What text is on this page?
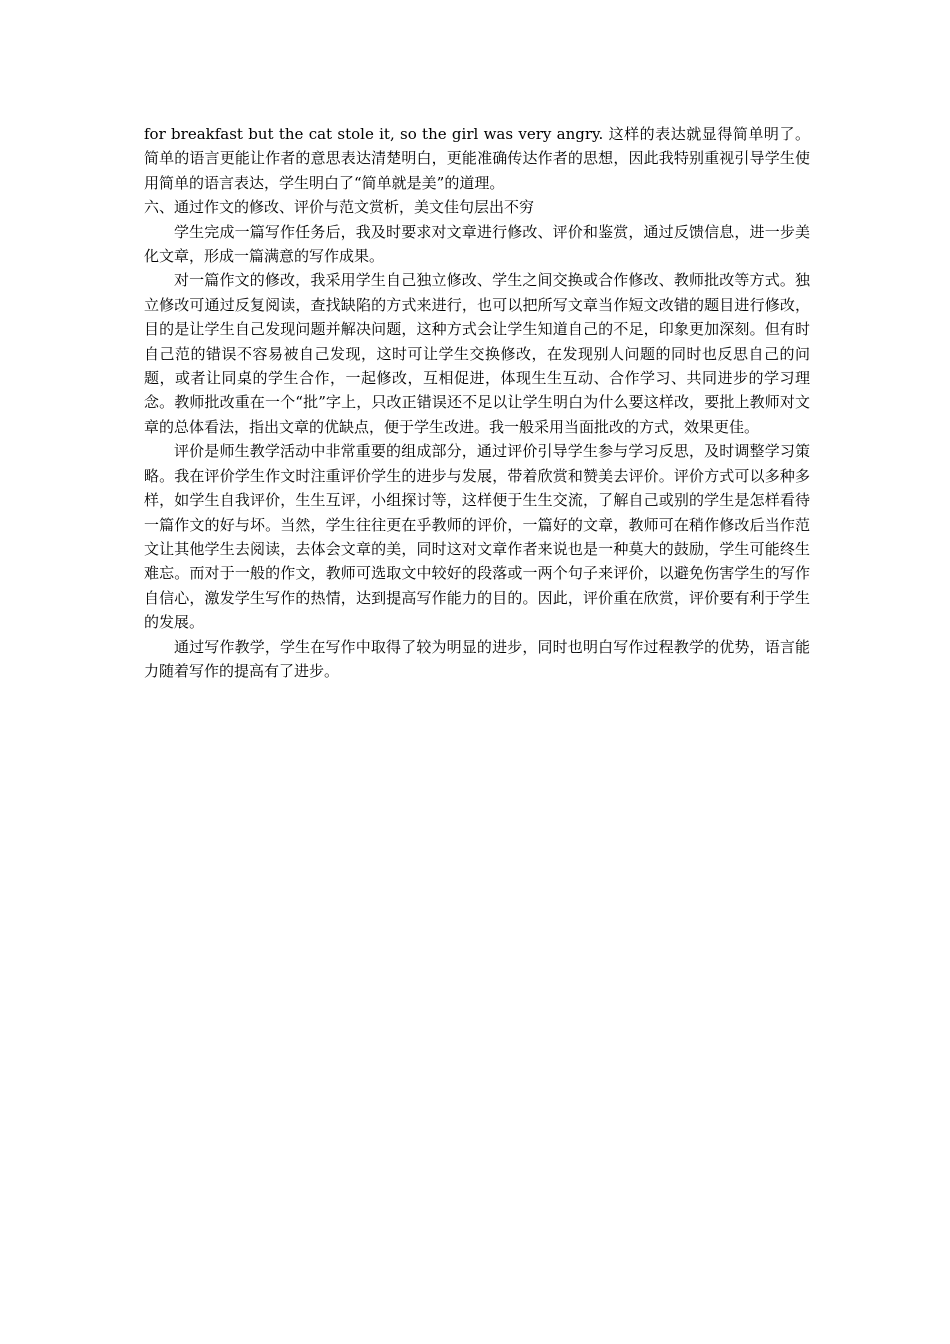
for breakfast but the cat stole it, so the girl was very angry. 这样的表达就显得简单明了。简单的语言更能让作者的意思表达清楚明白，更能准确传达作者的思想，因此我特别重视引导学生使用简单的语言表达，学生明白了“简单就是美”的道理。

六、通过作文的修改、评价与范文赏析，美文佳句层出不穷

学生完成一篇写作任务后，我及时要求对文章进行修改、评价和鉴赏，通过反馈信息，进一步美化文章，形成一篇满意的写作成果。

对一篇作文的修改，我采用学生自己独立修改、学生之间交换或合作修改、教师批改等方式。独立修改可通过反复阅读，查找缺陷的方式来进行，也可以把所写文章当作短文改错的题目进行修改，目的是让学生自己发现问题并解决问题，这种方式会让学生知道自己的不足，印象更加深刻。但有时自己范的错误不容易被自己发现，这时可让学生交换修改，在发现别人问题的同时也反思自己的问题，或者让同桌的学生合作，一起修改，互相促进，体现生生互动、合作学习、共同进步的学习理念。教师批改重在一个“批”字上，只改正错误还不足以让学生明白为什么要这样改，要批上教师对文章的总体看法，指出文章的优缺点，便于学生改进。我一般采用当面批改的方式，效果更佳。

评价是师生教学活动中非常重要的组成部分，通过评价引导学生参与学习反思，及时调整学习策略。我在评价学生作文时注重评价学生的进步与发展，带着欣赏和赞美去评价。评价方式可以多种多样，如学生自我评价，生生互评，小组探讨等，这样便于生生交流，了解自己或别的学生是怎样看待一篇作文的好与坏。当然，学生往往更在乎教师的评价，一篇好的文章，教师可在稍作修改后当作范文让其他学生去阅读，去体会文章的美，同时这对文章作者来说也是一种莫大的鼓励，学生可能终生难忘。而对于一般的作文，教师可选取文中较好的段落或一两个句子来评价，以避免伤害学生的写作自信心，激发学生写作的热情，达到提高写作能力的目的。因此，评价重在欣赏，评价要有利于学生的发展。

通过写作教学，学生在写作中取得了较为明显的进步，同时也明白写作过程教学的优势，语言能力随着写作的提高有了进步。
